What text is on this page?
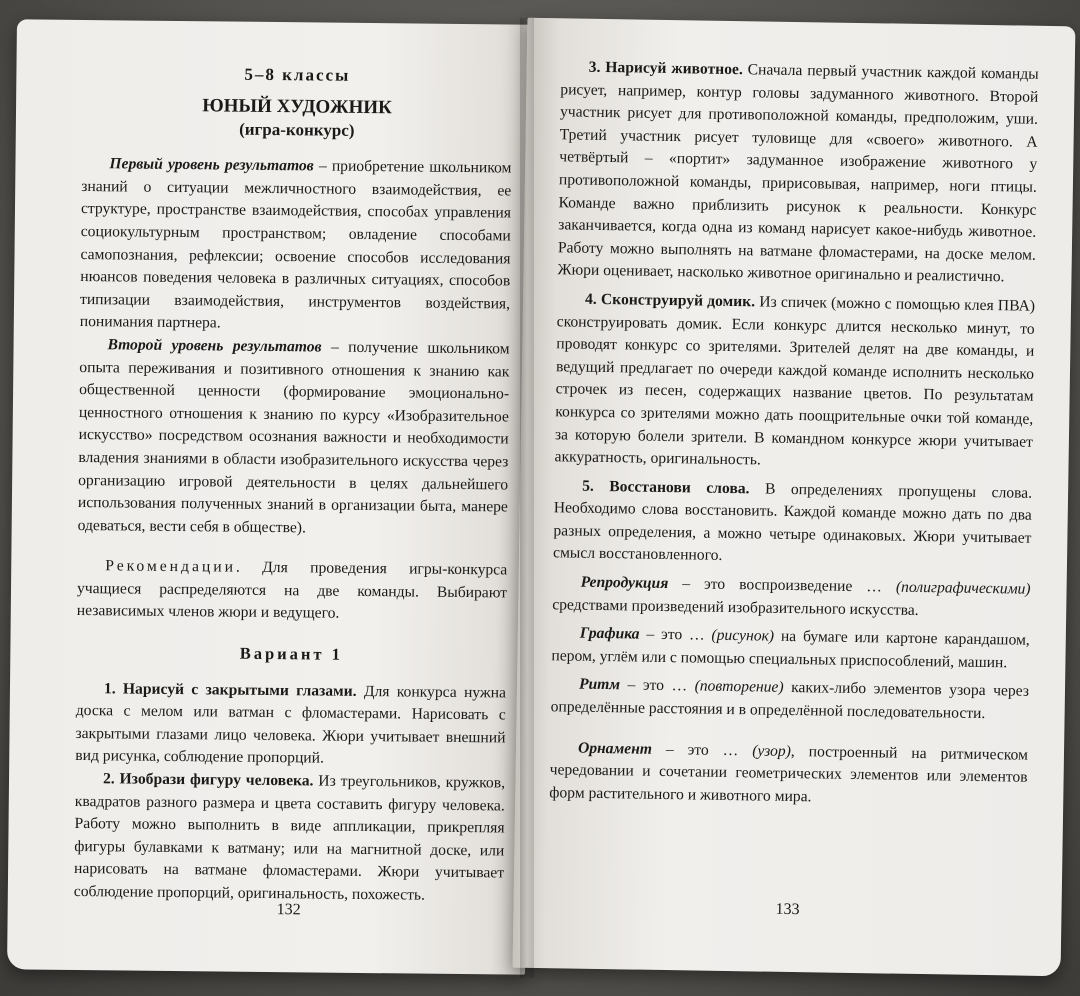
5–8 классы

ЮНЫЙ ХУДОЖНИК

(игра-конкурс)

Первый уровень результатов – приобретение школьником знаний о ситуации межличностного взаимодействия, ее структуре, пространстве взаимодействия, способах управления социокультурным пространством; овладение способами самопознания, рефлексии; освоение способов исследования нюансов поведения человека в различных ситуациях, способов типизации взаимодействия, инструментов воздействия, понимания партнера.

Второй уровень результатов – получение школьником опыта переживания и позитивного отношения к знанию как общественной ценности (формирование эмоционально-ценностного отношения к знанию по курсу «Изобразительное искусство» посредством осознания важности и необходимости владения знаниями в области изобразительного искусства через организацию игровой деятельности в целях дальнейшего использования полученных знаний в организации быта, манере одеваться, вести себя в обществе).

Рекомендации. Для проведения игры-конкурса учащиеся распределяются на две команды. Выбирают независимых членов жюри и ведущего.

Вариант 1

1. Нарисуй с закрытыми глазами. Для конкурса нужна доска с мелом или ватман с фломастерами. Нарисовать с закрытыми глазами лицо человека. Жюри учитывает внешний вид рисунка, соблюдение пропорций.

2. Изобрази фигуру человека. Из треугольников, кружков, квадратов разного размера и цвета составить фигуру человека. Работу можно выполнить в виде аппликации, прикрепляя фигуры булавками к ватману; или на магнитной доске, или нарисовать на ватмане фломастерами. Жюри учитывает соблюдение пропорций, оригинальность, похожесть.

132

3. Нарисуй животное. Сначала первый участник каждой команды рисует, например, контур головы задуманного животного. Второй участник рисует для противоположной команды, предположим, уши. Третий участник рисует туловище для «своего» животного. А четвёртый – «портит» задуманное изображение животного у противоположной команды, пририсовывая, например, ноги птицы. Команде важно приблизить рисунок к реальности. Конкурс заканчивается, когда одна из команд нарисует какое-нибудь животное. Работу можно выполнять на ватмане фломастерами, на доске мелом. Жюри оценивает, насколько животное оригинально и реалистично.

4. Сконструируй домик. Из спичек (можно с помощью клея ПВА) сконструировать домик. Если конкурс длится несколько минут, то проводят конкурс со зрителями. Зрителей делят на две команды, и ведущий предлагает по очереди каждой команде исполнить несколько строчек из песен, содержащих название цветов. По результатам конкурса со зрителями можно дать поощрительные очки той команде, за которую болели зрители. В командном конкурсе жюри учитывает аккуратность, оригинальность.

5. Восстанови слова. В определениях пропущены слова. Необходимо слова восстановить. Каждой команде можно дать по два разных определения, а можно четыре одинаковых. Жюри учитывает смысл восстановленного.

Репродукция – это воспроизведение … (полиграфическими) средствами произведений изобразительного искусства.

Графика – это … (рисунок) на бумаге или картоне карандашом, пером, углём или с помощью специальных приспособлений, машин.

Ритм – это … (повторение) каких-либо элементов узора через определённые расстояния и в определённой последовательности.

Орнамент – это … (узор), построенный на ритмическом чередовании и сочетании геометрических элементов или элементов форм растительного и животного мира.

133
